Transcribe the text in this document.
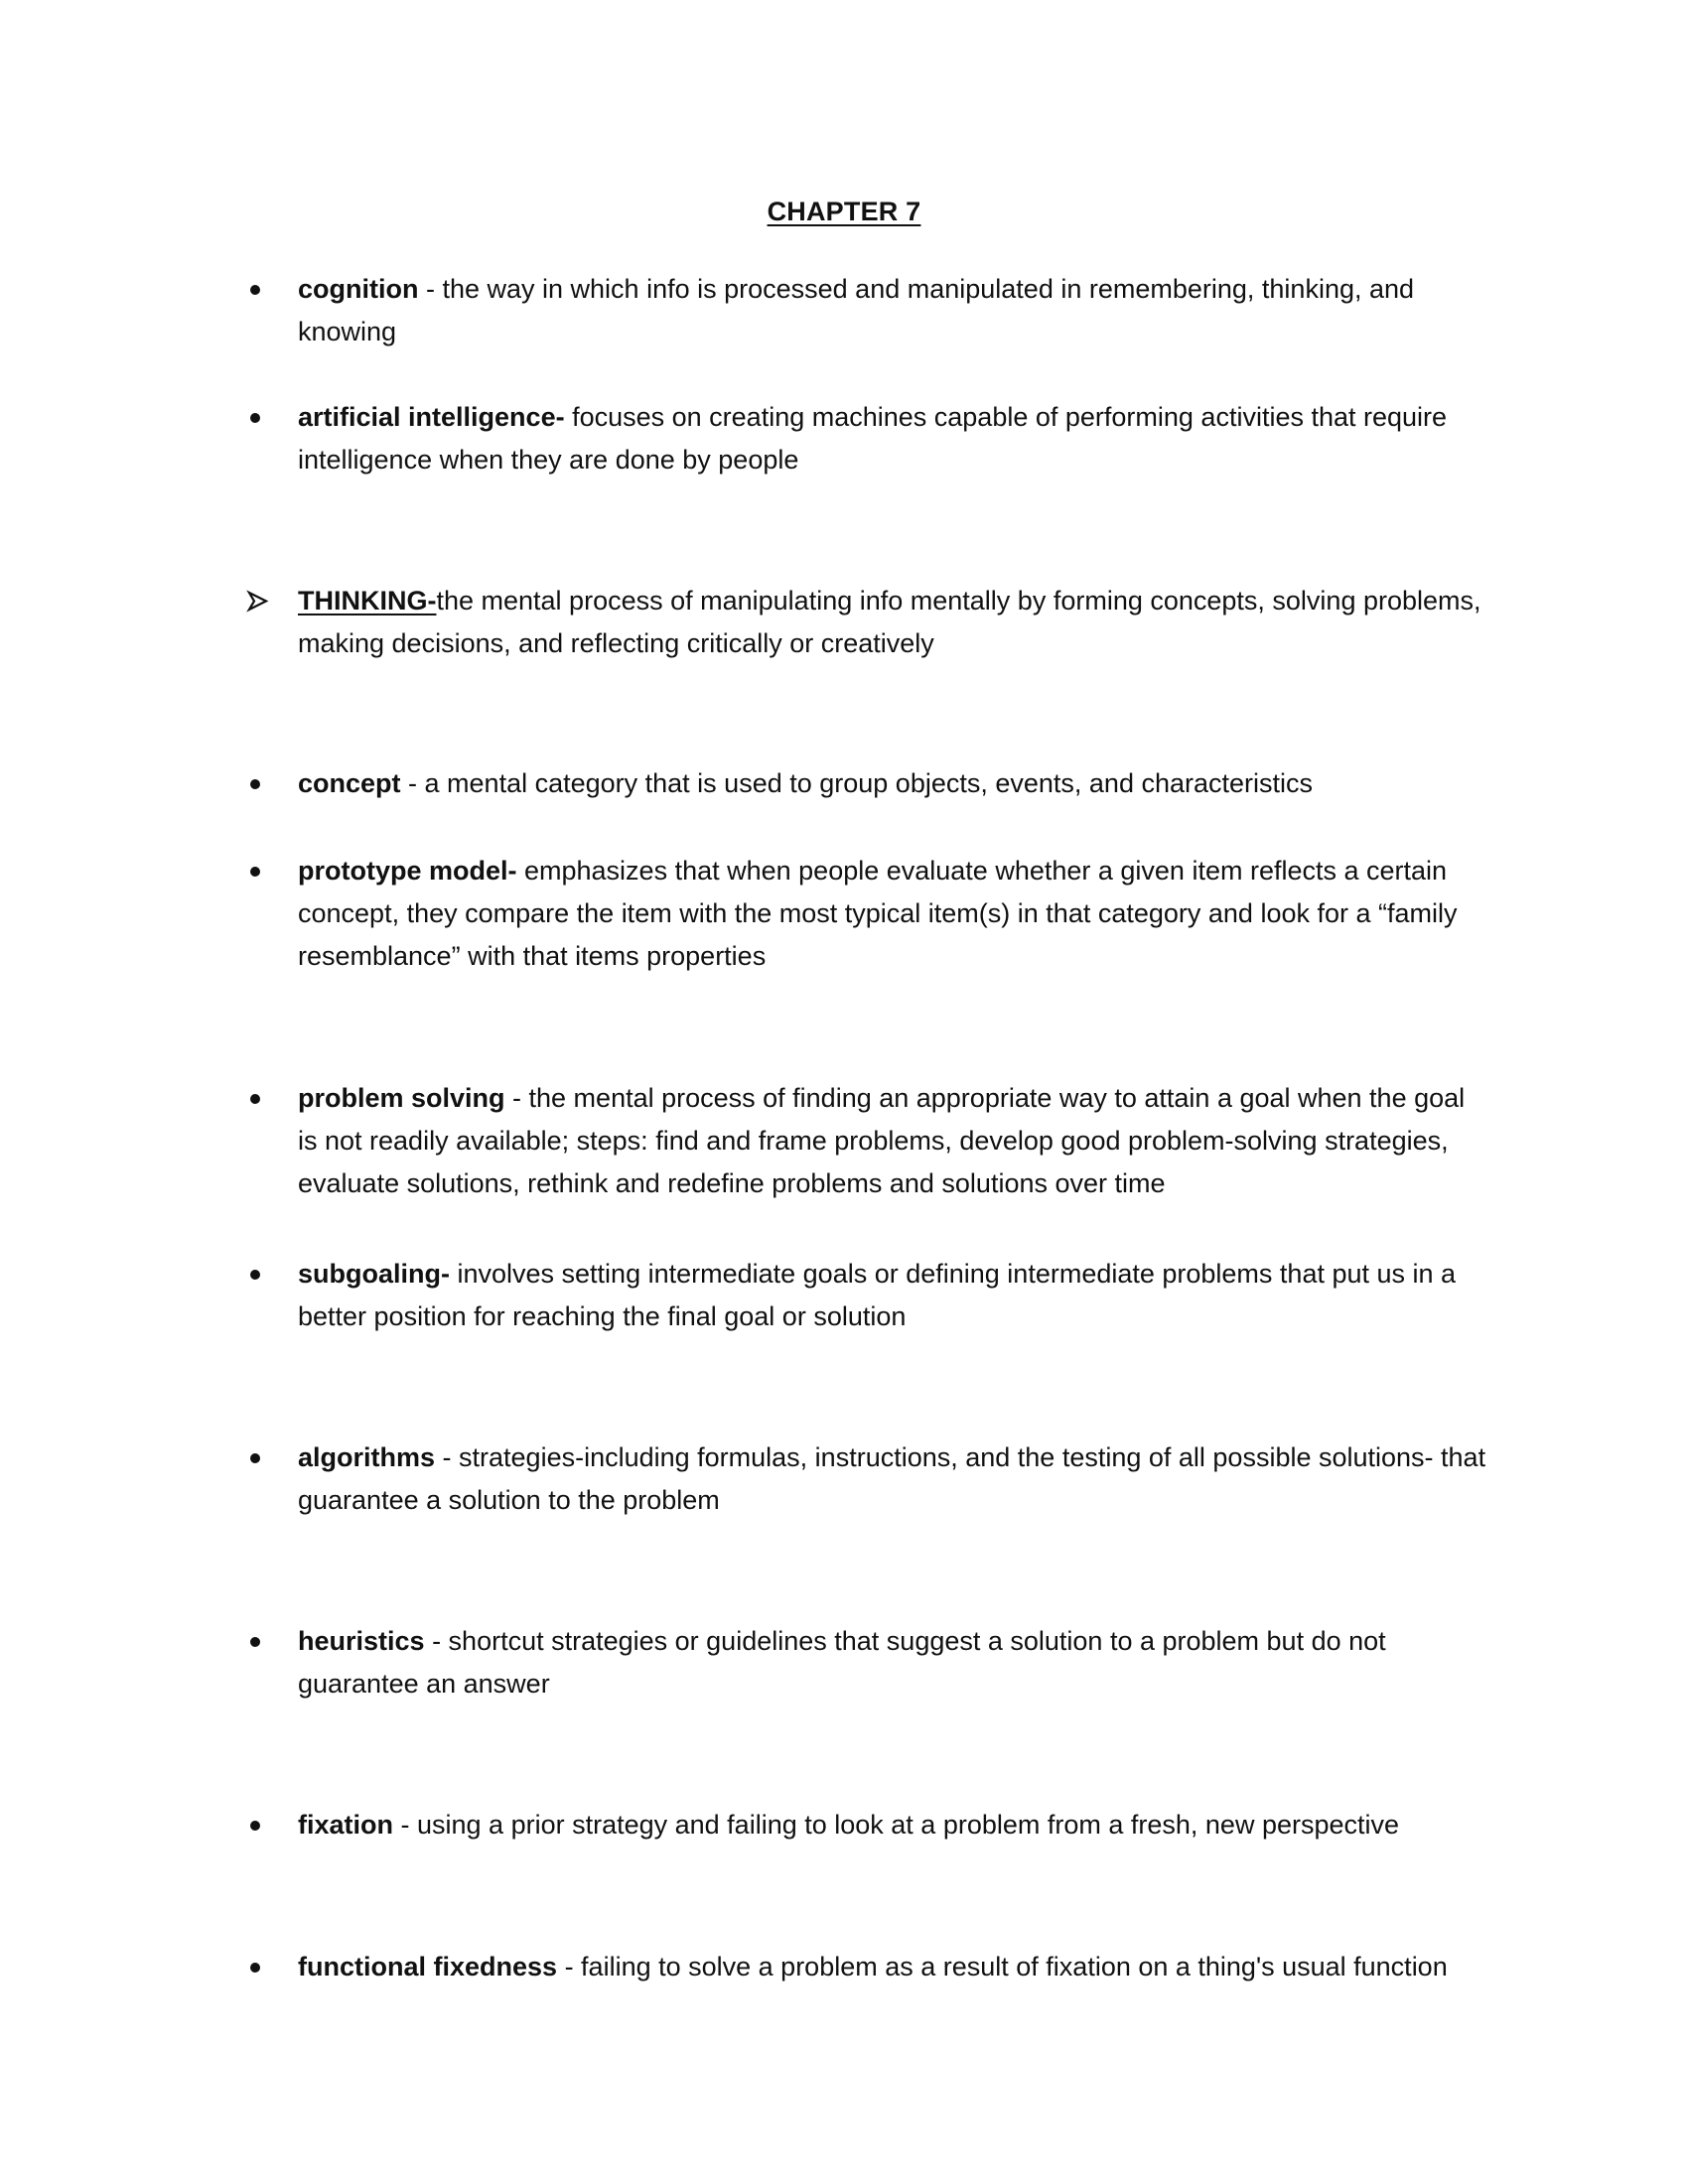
CHAPTER 7
cognition - the way in which info is processed and manipulated in remembering, thinking, and knowing
artificial intelligence- focuses on creating machines capable of performing activities that require intelligence when they are done by people
THINKING-the mental process of manipulating info mentally by forming concepts, solving problems, making decisions, and reflecting critically or creatively
concept - a mental category that is used to group objects, events, and characteristics
prototype model- emphasizes that when people evaluate whether a given item reflects a certain concept, they compare the item with the most typical item(s) in that category and look for a “family resemblance” with that items properties
problem solving - the mental process of finding an appropriate way to attain a goal when the goal is not readily available; steps: find and frame problems, develop good problem-solving strategies, evaluate solutions, rethink and redefine problems and solutions over time
subgoaling- involves setting intermediate goals or defining intermediate problems that put us in a better position for reaching the final goal or solution
algorithms - strategies-including formulas, instructions, and the testing of all possible solutions- that guarantee a solution to the problem
heuristics - shortcut strategies or guidelines that suggest a solution to a problem but do not guarantee an answer
fixation - using a prior strategy and failing to look at a problem from a fresh, new perspective
functional fixedness - failing to solve a problem as a result of fixation on a thing's usual function
